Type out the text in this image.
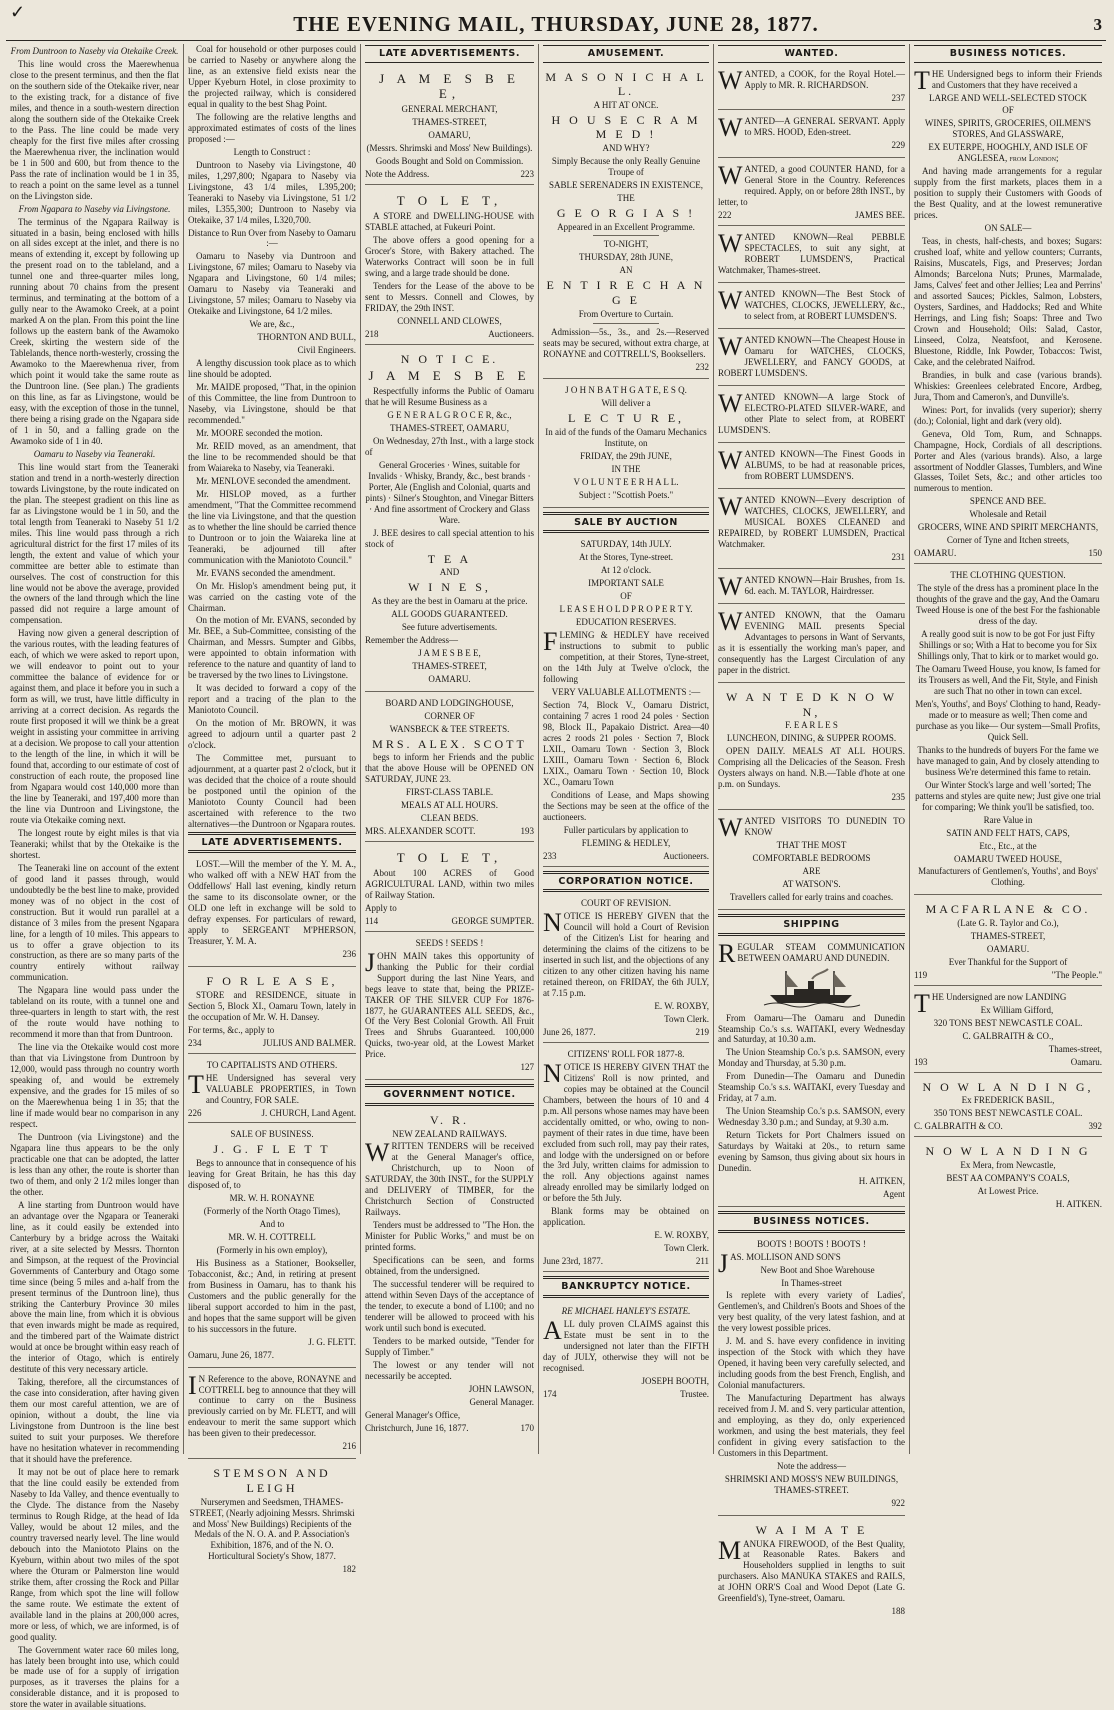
✓	THE EVENING MAIL, THURSDAY, JUNE 28, 1877.	3
From Duntroon to Naseby via Otekaike Creek.

This line would cross the Maerewhenua close to the present terminus, and then the flat on the southern side of the Otekaike river, near to the existing track, for a distance of five miles, and thence in a south-western direction along the southern side of the Otekaike Creek to the Pass. The line could be made very cheaply for the first five miles after crossing the Maerewhenua river, the inclination would be 1 in 500 and 600, but from thence to the Pass the rate of inclination would be 1 in 35, to reach a point on the same level as a tunnel on the Livingston side.

From Ngapara to Naseby via Livingstone.

The terminus of the Ngapara Railway is situated in a basin, being enclosed with hills on all sides except at the inlet, and there is no means of extending it, except by following up the present road on to the tableland, and a tunnel one and three-quarter miles long, running about 70 chains from the present terminus, and terminating at the bottom of a gully near to the Awamoko Creek, at a point marked A on the plan. From this point the line follows up the eastern bank of the Awamoko Creek, skirting the western side of the Tablelands, thence north-westerly, crossing the Awamoko to the Maerewhenua river, from which point it would take the same route as the Duntroon line. (See plan.) The gradients on this line, as far as Livingstone, would be easy, with the exception of those in the tunnel, there being a rising grade on the Ngapara side of 1 in 50, and a falling grade on the Awamoko side of 1 in 40.

Oamaru to Naseby via Teaneraki.

This line would start from the Teaneraki station and trend in a north-westerly direction towards Livingstone, by the route indicated on the plan. The steepest gradient on this line as far as Livingstone would be 1 in 50, and the total length from Teaneraki to Naseby 51 1/2 miles. This line would pass through a rich agricultural district for the first 17 miles of its length, the extent and value of which your committee are better able to estimate than ourselves. The cost of construction for this line would not be above the average, provided the owners of the land through which the line passed did not require a large amount of compensation.

Having now given a general description of the various routes, with the leading features of each, of which we were asked to report upon, we will endeavor to point out to your committee the balance of evidence for or against them, and place it before you in such a form as will, we trust, have little difficulty in arriving at a correct decision. As regards the route first proposed it will we think be a great weight in assisting your committee in arriving at a decision. We propose to call your attention to the length of the line, in which it will be found that, according to our estimate of cost of construction of each route, the proposed line from Ngapara would cost 140,000 more than the line by Teaneraki, and 197,400 more than the line via Duntroon and Livingstone, the route via Otekaike coming next.

The longest route by eight miles is that via Teaneraki; whilst that by the Otekaike is the shortest.

The Teaneraki line on account of the extent of good land it passes through, would undoubtedly be the best line to make, provided money was of no object in the cost of construction. But it would run parallel at a distance of 3 miles from the present Ngapara line, for a length of 10 miles. This appears to us to offer a grave objection to its construction, as there are so many parts of the country entirely without railway communication.

The Ngapara line would pass under the tableland on its route, with a tunnel one and three-quarters in length to start with, the rest of the route would have nothing to recommend it more than that from Duntroon.

The line via the Otekaike would cost more than that via Livingstone from Duntroon by 12,000, would pass through no country worth speaking of, and would be extremely expensive, and the grades for 15 miles of so on the Maerewhenua being 1 in 35; that the line if made would bear no comparison in any respect.

The Duntroon (via Livingstone) and the Ngapara line thus appears to be the only practicable one that can be adopted, the latter is less than any other, the route is shorter than two of them, and only 2 1/2 miles longer than the other.

A line starting from Duntroon would have an advantage over the Ngapara or Teaneraki line, as it could easily be extended into Canterbury by a bridge across the Waitaki river, at a site selected by Messrs. Thornton and Simpson, at the request of the Provincial Governments of Canterbury and Otago some time since (being 5 miles and a-half from the present terminus of the Duntroon line), thus striking the Canterbury Province 30 miles above the main line, from which it is obvious that even inwards might be made as required, and the timbered part of the Waimate district would at once be brought within easy reach of the interior of Otago, which is entirely destitute of this very necessary article.

Taking, therefore, all the circumstances of the case into consideration, after having given them our most careful attention, we are of opinion, without a doubt, the line via Livingstone from Duntroon is the line best suited to suit your purposes. We therefore have no hesitation whatever in recommending that it should have the preference.

It may not be out of place here to remark that the line could easily be extended from Naseby to Ida Valley, and thence eventually to the Clyde. The distance from the Naseby terminus to Rough Ridge, at the head of Ida Valley, would be about 12 miles, and the country traversed nearly level. The line would debouch into the Maniototo Plains on the Kyeburn, within about two miles of the spot where the Oturam or Palmerston line would strike them, after crossing the Rock and Pillar Range, from which spot the line will follow the same route. We estimate the extent of available land in the plains at 200,000 acres, more or less, of which, we are informed, is of good quality.

The Government water race 60 miles long, has lately been brought into use, which could be made use of for a supply of irrigation purposes, as it traverses the plains for a considerable distance, and it is proposed to store the water in available situations.

Coal for household or other purposes could be carried to Naseby or anywhere along the line, as an extensive field exists near the Upper Kyeburn Hotel, in close proximity to the projected railway, which is considered equal in quality to the best Shag Point.

The following are the relative lengths and approximated estimates of costs of the lines proposed :—

Length to Construct :

Duntroon to Naseby via Livingstone, 40 miles, 1,297,800; Ngapara to Naseby via Livingstone, 43 1/4 miles, L395,200; Teaneraki to Naseby via Livingstone, 51 1/2 miles, L355,300; Duntroon to Naseby via Otekaike, 37 1/4 miles, L320,700.

Distance to Run Over from Naseby to Oamaru :—

Oamaru to Naseby via Duntroon and Livingstone, 67 miles; Oamaru to Naseby via Ngapara and Livingstone, 60 1/4 miles; Oamaru to Naseby via Teaneraki and Livingstone, 57 miles; Oamaru to Naseby via Otekaike and Livingstone, 64 1/2 miles.

We are, &c.,

THORNTON AND BULL,

Civil Engineers.

A lengthy discussion took place as to which line should be adopted.

Mr. MAIDE proposed, "That, in the opinion of this Committee, the line from Duntroon to Naseby, via Livingstone, should be that recommended."

Mr. MOORE seconded the motion.

Mr. REID moved, as an amendment, that the line to be recommended should be that from Waiareka to Naseby, via Teaneraki.

Mr. MENLOVE seconded the amendment.

Mr. HISLOP moved, as a further amendment, "That the Committee recommend the line via Livingstone, and that the question as to whether the line should be carried thence to Duntroon or to join the Waiareka line at Teaneraki, be adjourned till after communication with the Maniototo Council."

Mr. EVANS seconded the amendment.

On Mr. Hislop's amendment being put, it was carried on the casting vote of the Chairman.

On the motion of Mr. EVANS, seconded by Mr. BEE, a Sub-Committee, consisting of the Chairman, and Messrs. Sumpter and Gibbs, were appointed to obtain information with reference to the nature and quantity of land to be traversed by the two lines to Livingstone.

It was decided to forward a copy of the report and a tracing of the plan to the Maniototo Council.

On the motion of Mr. BROWN, it was agreed to adjourn until a quarter past 2 o'clock.

The Committee met, pursuant to adjournment, at a quarter past 2 o'clock, but it was decided that the choice of a route should be postponed until the opinion of the Maniototo County Council had been ascertained with reference to the two alternatives—the Duntroon or Ngapara routes.

LATE ADVERTISEMENTS.

LOST.—Will the member of the Y. M. A., who walked off with a NEW HAT from the Oddfellows' Hall last evening, kindly return the same to its disconsolate owner, or the OLD one left in exchange will be sold to defray expenses. For particulars of reward, apply to SERGEANT M'PHERSON, Treasurer, Y. M. A.

236

F O R L E A S E,

STORE and RESIDENCE, situate in Section 5, Block XI., Oamaru Town, lately in the occupation of Mr. W. H. Dansey.

For terms, &c., apply to

234	JULIUS AND BALMER.

TO CAPITALISTS AND OTHERS.

THE Undersigned has several very VALUABLE PROPERTIES, in Town and Country, FOR SALE.

226	J. CHURCH, Land Agent.

SALE OF BUSINESS.

J. G. F L E T T

Begs to announce that in consequence of his leaving for Great Britain, he has this day disposed of, to

MR. W. H. RONAYNE

(Formerly of the North Otago Times),

And to

MR. W. H. COTTRELL

(Formerly in his own employ),

His Business as a Stationer, Bookseller, Tobacconist, &c.; And, in retiring at present from Business in Oamaru, has to thank his Customers and the public generally for the liberal support accorded to him in the past, and hopes that the same support will be given to his successors in the future.

J. G. FLETT.

Oamaru, June 26, 1877.

IN Reference to the above, RONAYNE and COTTRELL beg to announce that they will continue to carry on the Business previously carried on by Mr. FLETT, and will endeavour to merit the same support which has been given to their predecessor.

216

STEMSON AND LEIGH

Nurserymen and Seedsmen, THAMES-STREET, (Nearly adjoining Messrs. Shrimski and Moss' New Buildings) Recipients of the Medals of the N. O. A. and P. Association's Exhibition, 1876, and of the N. O. Horticultural Society's Show, 1877.

182

LATE ADVERTISEMENTS.
J A M E S B E E,

GENERAL MERCHANT,

THAMES-STREET,

OAMARU,

(Messrs. Shrimski and Moss' New Buildings).

Goods Bought and Sold on Commission.

Note the Address.	223
T O L E T,

A STORE and DWELLING-HOUSE with STABLE attached, at Fukeuri Point.

The above offers a good opening for a Grocer's Store, with Bakery attached. The Waterworks Contract will soon be in full swing, and a large trade should be done.

Tenders for the Lease of the above to be sent to Messrs. Connell and Clowes, by FRIDAY, the 29th INST.

CONNELL AND CLOWES,

218	Auctioneers.
N O T I C E.
J A M E S B E E

Respectfully informs the Public of Oamaru that he will Resume Business as a

G E N E R A L G R O C E R, &c.,

THAMES-STREET, OAMARU,

On Wednesday, 27th Inst., with a large stock of

General Groceries · Wines, suitable for Invalids · Whisky, Brandy, &c., best brands · Porter, Ale (English and Colonial, quarts and pints) · Silner's Stoughton, and Vinegar Bitters · And fine assortment of Crockery and Glass Ware.

J. BEE desires to call special attention to his stock of

T E A

AND

W I N E S,

As they are the best in Oamaru at the price.

ALL GOODS GUARANTEED.

See future advertisements.

Remember the Address—

J A M E S B E E,

THAMES-STREET,

OAMARU.

BOARD AND LODGINGHOUSE,

CORNER OF

WANSBECK & TEE STREETS.

MRS. ALEX. SCOTT

begs to inform her Friends and the public that the above House will be OPENED ON SATURDAY, JUNE 23.

FIRST-CLASS TABLE.

MEALS AT ALL HOURS.

CLEAN BEDS.

MRS. ALEXANDER SCOTT.	193
T O L E T,

About 100 ACRES of Good AGRICULTURAL LAND, within two miles of Railway Station.

Apply to

114	GEORGE SUMPTER.

SEEDS ! SEEDS !

JOHN MAIN takes this opportunity of thanking the Public for their cordial Support during the last Nine Years, and begs leave to state that, being the PRIZE-TAKER OF THE SILVER CUP For 1876-1877, he GUARANTEES ALL SEEDS, &c., Of the Very Best Colonial Growth. All Fruit Trees and Shrubs Guaranteed. 100,000 Quicks, two-year old, at the Lowest Market Price.

127

GOVERNMENT NOTICE.
V. R.

NEW ZEALAND RAILWAYS.

WRITTEN TENDERS will be received at the General Manager's office, Christchurch, up to Noon of SATURDAY, the 30th INST., for the SUPPLY and DELIVERY of TIMBER, for the Christchurch Section of Constructed Railways.

Tenders must be addressed to "The Hon. the Minister for Public Works," and must be on printed forms.

Specifications can be seen, and forms obtained, from the undersigned.

The successful tenderer will be required to attend within Seven Days of the acceptance of the tender, to execute a bond of L100; and no tenderer will be allowed to proceed with his work until such bond is executed.

Tenders to be marked outside, "Tender for Supply of Timber."

The lowest or any tender will not necessarily be accepted.

JOHN LAWSON,

General Manager.

General Manager's Office,

Christchurch, June 16, 1877.	170
AMUSEMENT.
M A S O N I C H A L L.

A HIT AT ONCE.

H O U S E C R A M M E D !

AND WHY?

Simply Because the only Really Genuine Troupe of

SABLE SERENADERS IN EXISTENCE,

THE

G E O R G I A S !

Appeared in an Excellent Programme.

TO-NIGHT,

THURSDAY, 28th JUNE,

AN

E N T I R E C H A N G E

From Overture to Curtain.

Admission—5s., 3s., and 2s.—Reserved seats may be secured, without extra charge, at RONAYNE and COTTRELL'S, Booksellers.

232

J O H N B A T H G A T E, E S Q.

Will deliver a

L E C T U R E,

In aid of the funds of the Oamaru Mechanics Institute, on

FRIDAY, the 29th JUNE,

IN THE

V O L U N T E E R H A L L.

Subject : "Scottish Poets."

SALE BY AUCTION

SATURDAY, 14th JULY.

At the Stores, Tyne-street.

At 12 o'clock.

IMPORTANT SALE

OF

L E A S E H O L D P R O P E R T Y.

EDUCATION RESERVES.

FLEMING & HEDLEY have received instructions to submit to public competition, at their Stores, Tyne-street, on the 14th July at Twelve o'clock, the following

VERY VALUABLE ALLOTMENTS :—

Section 74, Block V., Oamaru District, containing 7 acres 1 rood 24 poles · Section 98, Block II., Papakaio District. Area—40 acres 2 roods 21 poles · Section 7, Block LXII., Oamaru Town · Section 3, Block LXIII., Oamaru Town · Section 6, Block LXIX., Oamaru Town · Section 10, Block XC., Oamaru Town

Conditions of Lease, and Maps showing the Sections may be seen at the office of the auctioneers.

Fuller particulars by application to

FLEMING & HEDLEY,

233	Auctioneers.
CORPORATION NOTICE.

COURT OF REVISION.

NOTICE IS HEREBY GIVEN that the Council will hold a Court of Revision of the Citizen's List for hearing and determining the claims of the citizens to be inserted in such list, and the objections of any citizen to any other citizen having his name retained thereon, on FRIDAY, the 6th JULY, at 7.15 p.m.

E. W. ROXBY,

Town Clerk.

June 26, 1877.	219

CITIZENS' ROLL FOR 1877-8.

NOTICE IS HEREBY GIVEN THAT the Citizens' Roll is now printed, and copies may be obtained at the Council Chambers, between the hours of 10 and 4 p.m. All persons whose names may have been accidentally omitted, or who, owing to non-payment of their rates in due time, have been excluded from such roll, may pay their rates, and lodge with the undersigned on or before the 3rd July, written claims for admission to the roll. Any objections against names already enrolled may be similarly lodged on or before the 5th July.

Blank forms may be obtained on application.

E. W. ROXBY,

Town Clerk.

June 23rd, 1877.	211
BANKRUPTCY NOTICE.

RE MICHAEL HANLEY'S ESTATE.

ALL duly proven CLAIMS against this Estate must be sent in to the undersigned not later than the FIFTH day of JULY, otherwise they will not be recognised.

JOSEPH BOOTH,

174	Trustee.
WANTED.

WANTED, a COOK, for the Royal Hotel.—Apply to MR. R. RICHARDSON.

237

WANTED—A GENERAL SERVANT. Apply to MRS. HOOD, Eden-street.

229

WANTED, a good COUNTER HAND, for a General Store in the Country. References required. Apply, on or before 28th INST., by letter, to

222	JAMES BEE.

WANTED KNOWN—Real PEBBLE SPECTACLES, to suit any sight, at ROBERT LUMSDEN'S, Practical Watchmaker, Thames-street.

WANTED KNOWN—The Best Stock of WATCHES, CLOCKS, JEWELLERY, &c., to select from, at ROBERT LUMSDEN'S.

WANTED KNOWN—The Cheapest House in Oamaru for WATCHES, CLOCKS, JEWELLERY, and FANCY GOODS, at ROBERT LUMSDEN'S.

WANTED KNOWN—A large Stock of ELECTRO-PLATED SILVER-WARE, and other Plate to select from, at ROBERT LUMSDEN'S.

WANTED KNOWN—The Finest Goods in ALBUMS, to be had at reasonable prices, from ROBERT LUMSDEN'S.

WANTED KNOWN—Every description of WATCHES, CLOCKS, JEWELLERY, and MUSICAL BOXES CLEANED and REPAIRED, by ROBERT LUMSDEN, Practical Watchmaker.

231

WANTED KNOWN—Hair Brushes, from 1s. 6d. each. M. TAYLOR, Hairdresser.

WANTED KNOWN, that the Oamaru EVENING MAIL presents Special Advantages to persons in Want of Servants, as it is essentially the working man's paper, and consequently has the Largest Circulation of any paper in the district.

W A N T E D K N O W N,

F. E A R L E S

LUNCHEON, DINING, & SUPPER ROOMS.

OPEN DAILY. MEALS AT ALL HOURS. Comprising all the Delicacies of the Season. Fresh Oysters always on hand. N.B.—Table d'hote at one p.m. on Sundays.

235

WANTED VISITORS TO DUNEDIN TO KNOW

THAT THE MOST

COMFORTABLE BEDROOMS

ARE

AT WATSON'S.

Travellers called for early trains and coaches.

SHIPPING

REGULAR STEAM COMMUNICATION BETWEEN OAMARU AND DUNEDIN.

From Oamaru—The Oamaru and Dunedin Steamship Co.'s s.s. WAITAKI, every Wednesday and Saturday, at 10.30 a.m.

The Union Steamship Co.'s p.s. SAMSON, every Monday and Thursday, at 5.30 p.m.

From Dunedin—The Oamaru and Dunedin Steamship Co.'s s.s. WAITAKI, every Tuesday and Friday, at 7 a.m.

The Union Steamship Co.'s p.s. SAMSON, every Wednesday 3.30 p.m.; and Sunday, at 9.30 a.m.

Return Tickets for Port Chalmers issued on Saturdays by Waitaki at 20s., to return same evening by Samson, thus giving about six hours in Dunedin.

H. AITKEN,

Agent

BUSINESS NOTICES.

BOOTS ! BOOTS ! BOOTS !

JAS. MOLLISON AND SON'S

New Boot and Shoe Warehouse

In Thames-street

Is replete with every variety of Ladies', Gentlemen's, and Children's Boots and Shoes of the very best quality, of the very latest fashion, and at the very lowest possible prices.

J. M. and S. have every confidence in inviting inspection of the Stock with which they have Opened, it having been very carefully selected, and including goods from the best French, English, and Colonial manufacturers.

The Manufacturing Department has always received from J. M. and S. very particular attention, and employing, as they do, only experienced workmen, and using the best materials, they feel confident in giving every satisfaction to the Customers in this Department.

Note the address—

SHRIMSKI AND MOSS'S NEW BUILDINGS, THAMES-STREET.

922

W A I M A T E

MANUKA FIREWOOD, of the Best Quality, at Reasonable Rates. Bakers and Householders supplied in lengths to suit purchasers. Also MANUKA STAKES and RAILS, at JOHN ORR'S Coal and Wood Depot (Late G. Greenfield's), Tyne-street, Oamaru.

188

BUSINESS NOTICES.

THE Undersigned begs to inform their Friends and Customers that they have received a

LARGE AND WELL-SELECTED STOCK

OF

WINES, SPIRITS, GROCERIES, OILMEN'S STORES, And GLASSWARE,

EX EUTERPE, HOOGHLY, AND ISLE OF ANGLESEA, from London;

And having made arrangements for a regular supply from the first markets, places them in a position to supply their Customers with Goods of the Best Quality, and at the lowest remunerative prices.

ON SALE—

Teas, in chests, half-chests, and boxes; Sugars: crushed loaf, white and yellow counters; Currants, Raisins, Muscatels, Figs, and Preserves; Jordan Almonds; Barcelona Nuts; Prunes, Marmalade, Jams, Calves' feet and other Jellies; Lea and Perrins' and assorted Sauces; Pickles, Salmon, Lobsters, Oysters, Sardines, and Haddocks; Red and White Herrings, and Ling fish; Soaps: Three and Two Crown and Household; Oils: Salad, Castor, Linseed, Colza, Neatsfoot, and Kerosene. Bluestone, Riddle, Ink Powder, Tobaccos: Twist, Cake, and the celebrated Naifrod.

Brandies, in bulk and case (various brands). Whiskies: Greenlees celebrated Encore, Ardbeg, Jura, Thom and Cameron's, and Dunville's.

Wines: Port, for invalids (very superior); sherry (do.); Colonial, light and dark (very old).

Geneva, Old Tom, Rum, and Schnapps. Champagne, Hock, Cordials of all descriptions. Porter and Ales (various brands). Also, a large assortment of Noddler Glasses, Tumblers, and Wine Glasses, Toilet Sets, &c.; and other articles too numerous to mention.

SPENCE AND BEE.

Wholesale and Retail

GROCERS, WINE AND SPIRIT MERCHANTS,

Corner of Tyne and Itchen streets,

OAMARU.	150

THE CLOTHING QUESTION.

The style of the dress has a prominent place In the thoughts of the grave and the gay, And the Oamaru Tweed House is one of the best For the fashionable dress of the day.

A really good suit is now to be got For just Fifty Shillings or so; With a Hat to become you for Six Shillings only, That to kirk or to market would go.

The Oamaru Tweed House, you know, Is famed for its Trousers as well, And the Fit, Style, and Finish are such That no other in town can excel.

Men's, Youths', and Boys' Clothing to hand, Ready-made or to measure as well; Then come and purchase as you like— Our system—Small Profits, Quick Sell.

Thanks to the hundreds of buyers For the fame we have managed to gain, And by closely attending to business We're determined this fame to retain.

Our Winter Stock's large and well 'sorted; The patterns and styles are quite new; Just give one trial for comparing; We think you'll be satisfied, too.

Rare Value in

SATIN AND FELT HATS, CAPS,

Etc., Etc., at the

OAMARU TWEED HOUSE,

Manufacturers of Gentlemen's, Youths', and Boys' Clothing.

MACFARLANE & CO.

(Late G. R. Taylor and Co.),

THAMES-STREET,

OAMARU.

Ever Thankful for the Support of

119	"The People."

THE Undersigned are now LANDING

Ex William Gifford,

320 TONS BEST NEWCASTLE COAL.

C. GALBRAITH & CO.,

Thames-street,

193	Oamaru.
N O W L A N D I N G,

Ex FREDERICK BASIL,

350 TONS BEST NEWCASTLE COAL.

C. GALBRAITH & CO.	392
N O W L A N D I N G

Ex Mera, from Newcastle,

BEST AA COMPANY'S COALS,

At Lowest Price.

H. AITKEN.
